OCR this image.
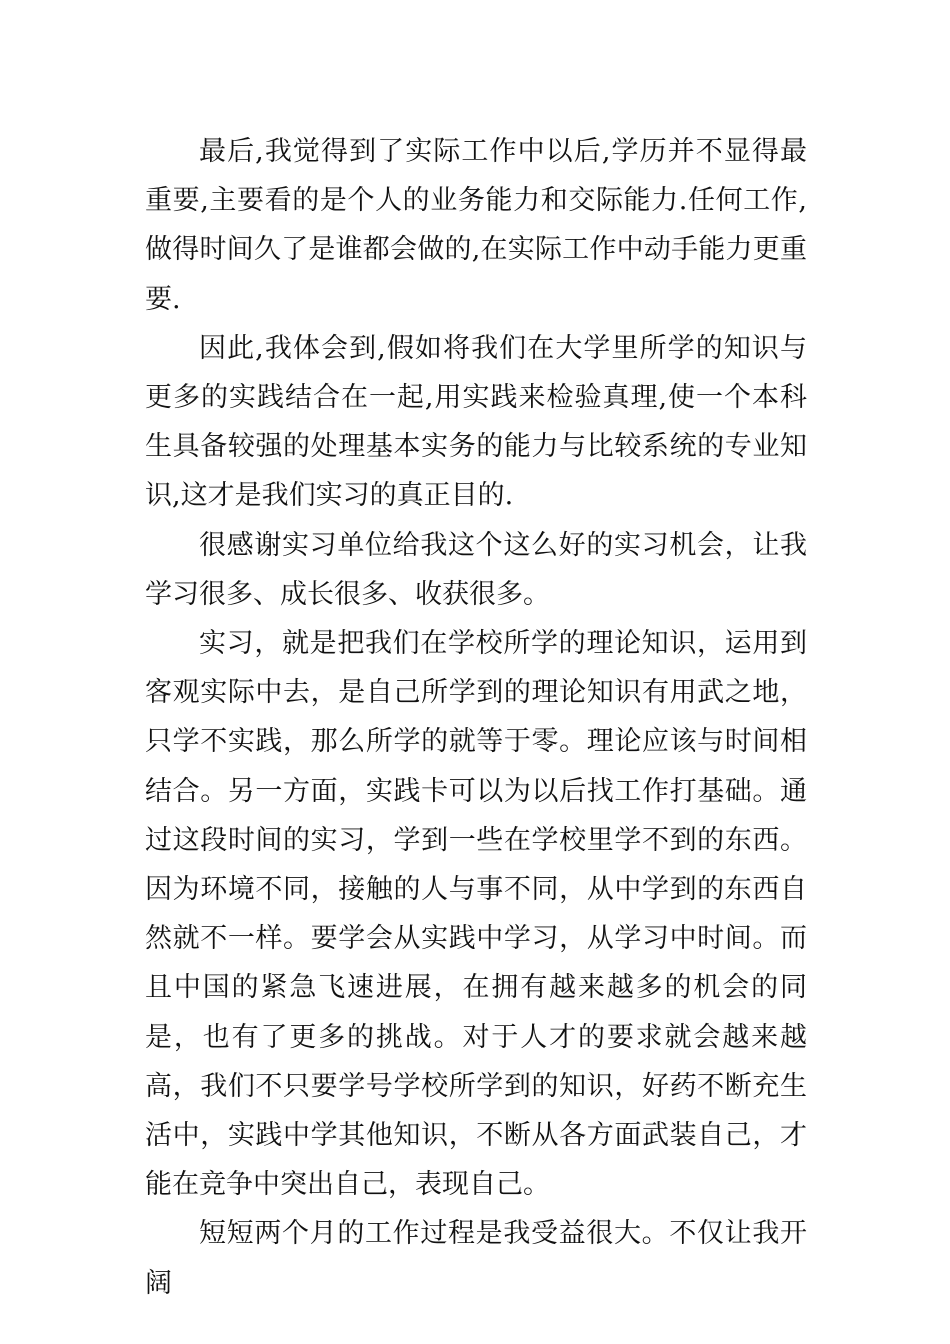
最后,我觉得到了实际工作中以后,学历并不显得最重要,主要看的是个人的业务能力和交际能力.任何工作,做得时间久了是谁都会做的,在实际工作中动手能力更重要.

因此,我体会到,假如将我们在大学里所学的知识与更多的实践结合在一起,用实践来检验真理,使一个本科生具备较强的处理基本实务的能力与比较系统的专业知识,这才是我们实习的真正目的.

很感谢实习单位给我这个这么好的实习机会，让我学习很多、成长很多、收获很多。

实习，就是把我们在学校所学的理论知识，运用到客观实际中去，是自己所学到的理论知识有用武之地，只学不实践，那么所学的就等于零。理论应该与时间相结合。另一方面，实践卡可以为以后找工作打基础。通过这段时间的实习，学到一些在学校里学不到的东西。因为环境不同，接触的人与事不同，从中学到的东西自然就不一样。要学会从实践中学习，从学习中时间。而且中国的紧急飞速进展，在拥有越来越多的机会的同是，也有了更多的挑战。对于人才的要求就会越来越高，我们不只要学号学校所学到的知识，好药不断充生活中，实践中学其他知识，不断从各方面武装自己，才能在竞争中突出自己，表现自己。

短短两个月的工作过程是我受益很大。不仅让我开阔
